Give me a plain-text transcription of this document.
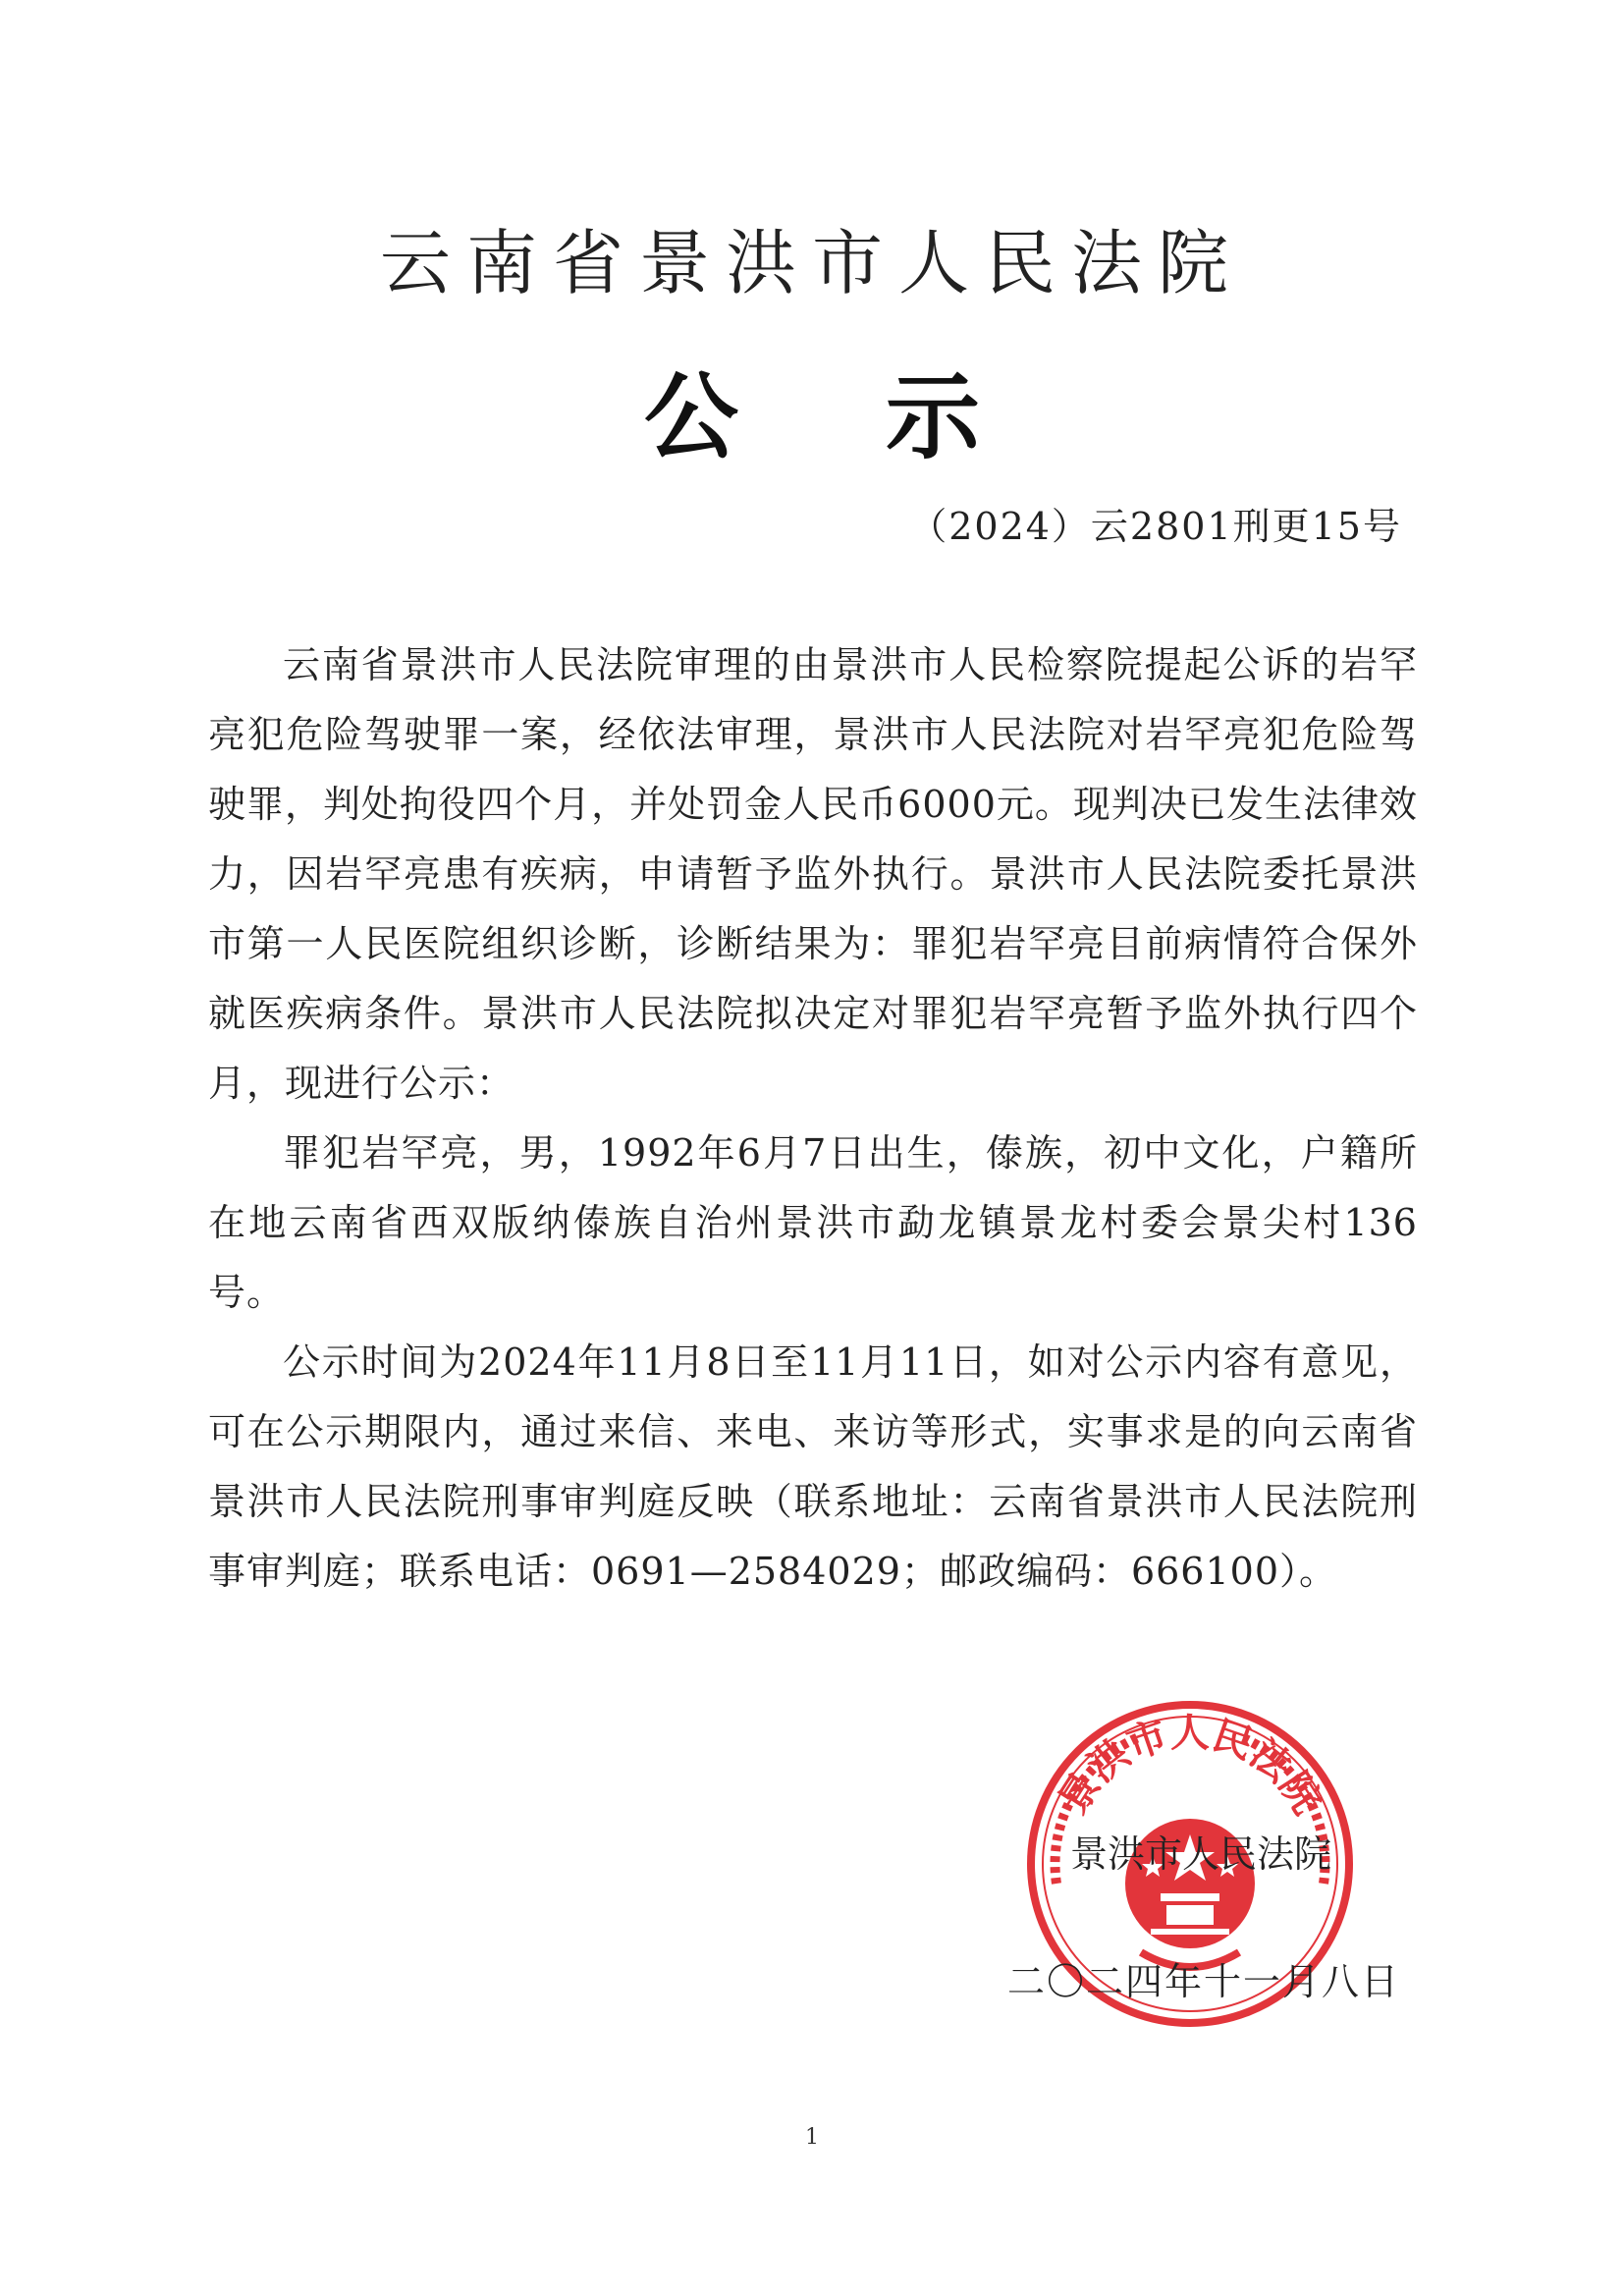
云南省景洪市人民法院
公示
（2024）云2801刑更15号

云南省景洪市人民法院审理的由景洪市人民检察院提起公诉的岩罕亮犯危险驾驶罪一案，经依法审理，景洪市人民法院对岩罕亮犯危险驾驶罪，判处拘役四个月，并处罚金人民币6000元。现判决已发生法律效力，因岩罕亮患有疾病，申请暂予监外执行。景洪市人民法院委托景洪市第一人民医院组织诊断，诊断结果为：罪犯岩罕亮目前病情符合保外就医疾病条件。景洪市人民法院拟决定对罪犯岩罕亮暂予监外执行四个月，现进行公示：

罪犯岩罕亮，男，1992年6月7日出生，傣族，初中文化，户籍所在地云南省西双版纳傣族自治州景洪市勐龙镇景龙村委会景尖村136号。

公示时间为2024年11月8日至11月11日，如对公示内容有意见，可在公示期限内，通过来信、来电、来访等形式，实事求是的向云南省景洪市人民法院刑事审判庭反映（联系地址：云南省景洪市人民法院刑事审判庭；联系电话：0691—2584029；邮政编码：666100）。

景洪市人民法院
景洪市人民法院
二〇二四年十一月八日
1
